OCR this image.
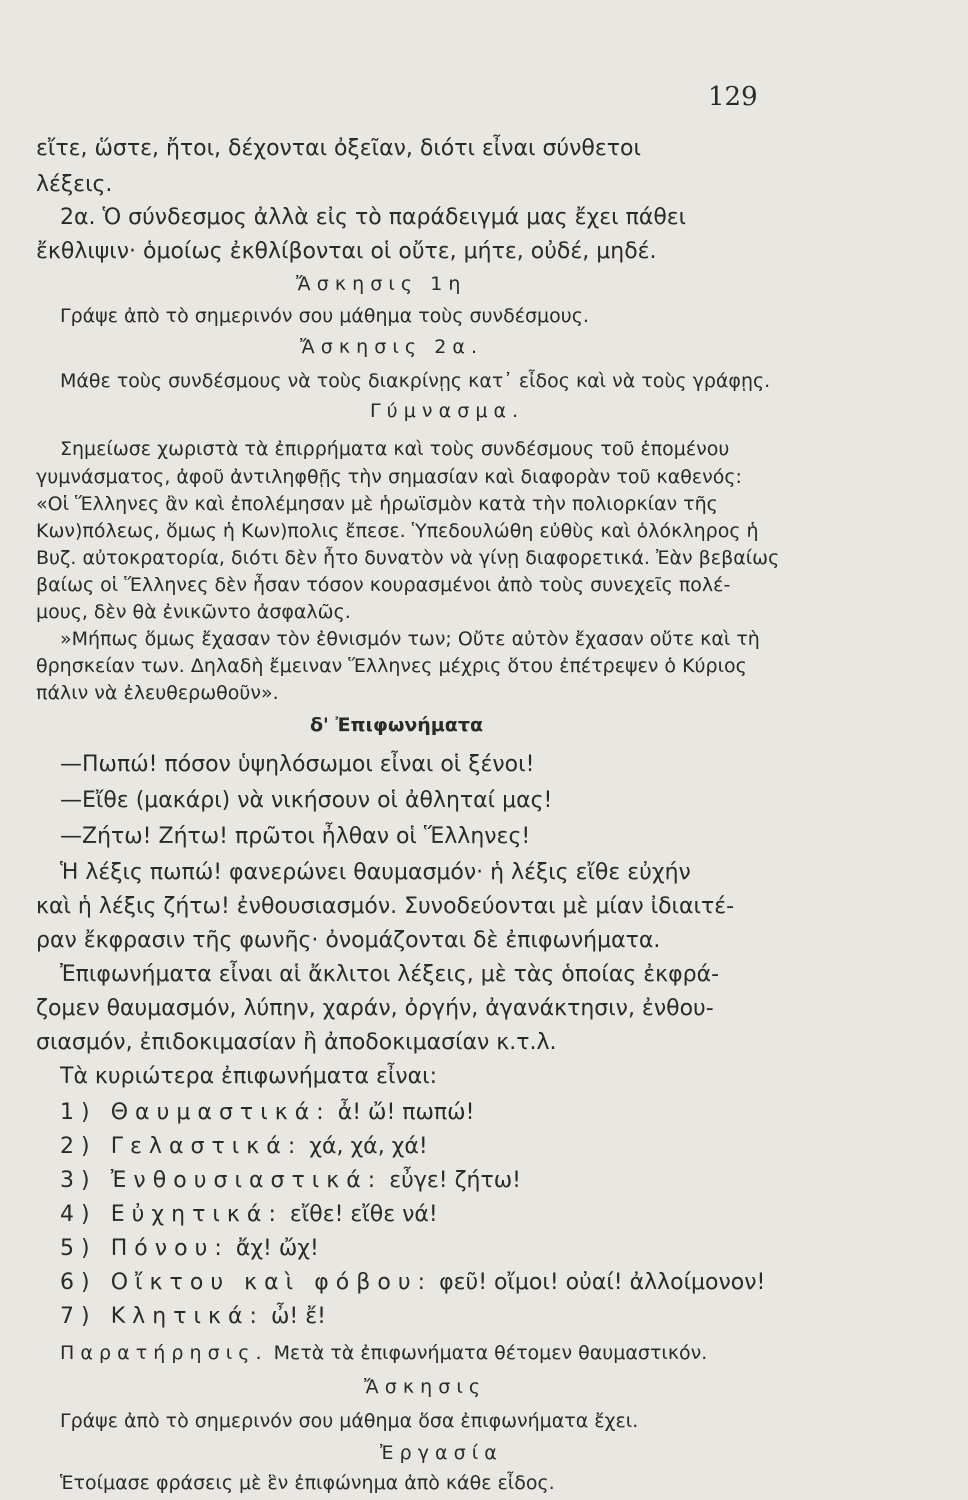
129
εἴτε, ὥστε, ἤτοι, δέχονται ὀξεῖαν, διότι εἶναι σύνθετοι
λέξεις.
2α. Ὁ σύνδεσμος ἀλλὰ εἰς τὸ παράδειγμά μας ἔχει πάθει
ἔκθλιψιν· ὁμοίως ἐκθλίβονται οἱ οὔτε, μήτε, οὐδέ, μηδέ.
Ἄσκησις 1η
Γράψε ἀπὸ τὸ σημερινόν σου μάθημα τοὺς συνδέσμους.
Ἄσκησις 2α.
Μάθε τοὺς συνδέσμους νὰ τοὺς διακρίνῃς κατ᾽ εἶδος καὶ νὰ τοὺς γράφῃς.
Γύμνασμα.
Σημείωσε χωριστὰ τὰ ἐπιρρήματα καὶ τοὺς συνδέσμους τοῦ ἑπομένου
γυμνάσματος, ἀφοῦ ἀντιληφθῇς τὴν σημασίαν καὶ διαφορὰν τοῦ καθενός:
«Οἱ Ἕλληνες ἂν καὶ ἐπολέμησαν μὲ ἡρωϊσμὸν κατὰ τὴν πολιορκίαν τῆς
Κων)πόλεως, ὅμως ἡ Κων)πολις ἔπεσε. Ὑπεδουλώθη εὐθὺς καὶ ὁλόκληρος ἡ
Βυζ. αὐτοκρατορία, διότι δὲν ἦτο δυνατὸν νὰ γίνῃ διαφορετικά. Ἐὰν βεβαίως
βαίως οἱ Ἕλληνες δὲν ἦσαν τόσον κουρασμένοι ἀπὸ τοὺς συνεχεῖς πολέ-
μους, δὲν θὰ ἐνικῶντο ἀσφαλῶς.
»Μήπως ὅμως ἔχασαν τὸν ἐθνισμόν των; Οὔτε αὐτὸν ἔχασαν οὔτε καὶ τὴ
θρησκείαν των. Δηλαδὴ ἔμειναν Ἕλληνες μέχρις ὅτου ἐπέτρεψεν ὁ Κύριος
πάλιν νὰ ἐλευθερωθοῦν».
δ' Ἐπιφωνήματα
—Πωπώ! πόσον ὑψηλόσωμοι εἶναι οἱ ξένοι!
—Εἴθε (μακάρι) νὰ νικήσουν οἱ ἀθληταί μας!
—Ζήτω! Ζήτω! πρῶτοι ἦλθαν οἱ Ἕλληνες!
Ἡ λέξις πωπώ! φανερώνει θαυμασμόν· ἡ λέξις εἴθε εὐχήν
καὶ ἡ λέξις ζήτω! ἐνθουσιασμόν. Συνοδεύονται μὲ μίαν ἰδιαιτέ-
ραν ἔκφρασιν τῆς φωνῆς· ὀνομάζονται δὲ ἐπιφωνήματα.
Ἐπιφωνήματα εἶναι αἱ ἄκλιτοι λέξεις, μὲ τὰς ὁποίας ἐκφρά-
ζομεν θαυμασμόν, λύπην, χαράν, ὀργήν, ἀγανάκτησιν, ἐνθου-
σιασμόν, ἐπιδοκιμασίαν ἢ ἀποδοκιμασίαν κ.τ.λ.
Τὰ κυριώτερα ἐπιφωνήματα εἶναι:
1) Θαυμαστικά: ἆ! ὤ! πωπώ!
2) Γελαστικά: χά, χά, χά!
3) Ἐνθουσιαστικά: εὖγε! ζήτω!
4) Εὐχητικά: εἴθε! εἴθε νά!
5) Πόνου: ἄχ! ὤχ!
6) Οἴκτου καὶ φόβου: φεῦ! οἴμοι! οὐαί! ἀλλοίμονον!
7) Κλητικά: ὦ! ἔ!
Παρατήρησις. Μετὰ τὰ ἐπιφωνήματα θέτομεν θαυμαστικόν.
Ἄσκησις
Γράψε ἀπὸ τὸ σημερινόν σου μάθημα ὅσα ἐπιφωνήματα ἔχει.
Ἐργασία
Ἑτοίμασε φράσεις μὲ ἓν ἐπιφώνημα ἀπὸ κάθε εἶδος.
